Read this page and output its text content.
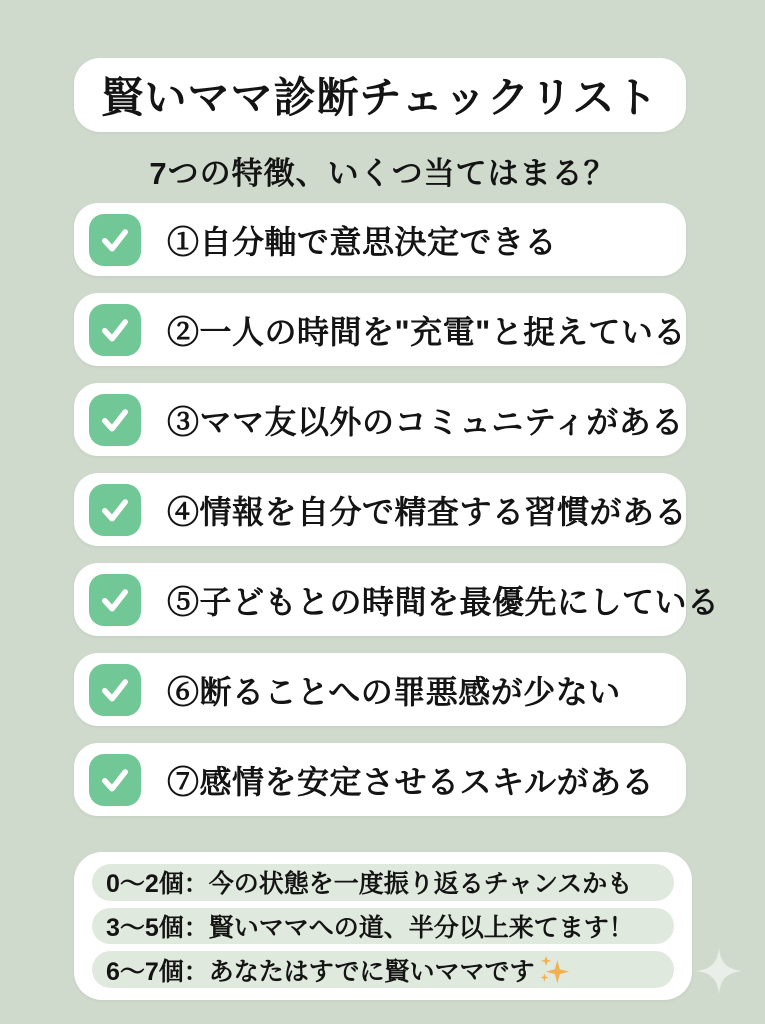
賢いママ診断チェックリスト
7つの特徴、いくつ当てはまる？
①自分軸で意思決定できる
②一人の時間を"充電"と捉えている
③ママ友以外のコミュニティがある
④情報を自分で精査する習慣がある
⑤子どもとの時間を最優先にしている
⑥断ることへの罪悪感が少ない
⑦感情を安定させるスキルがある
0〜2個：今の状態を一度振り返るチャンスかも
3〜5個：賢いママへの道、半分以上来てます！
6〜7個：あなたはすでに賢いママです
